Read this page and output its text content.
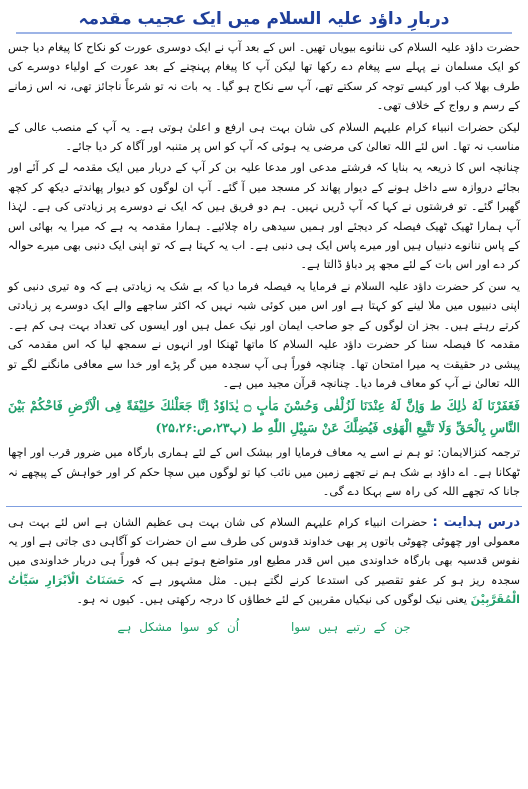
دربارِ داؤد علیہ السلام میں ایک عجیب مقدمہ

حضرت داؤد علیہ السلام کی ننانوے بیویاں تھیں۔ اس کے بعد آپ نے ایک دوسری عورت کو نکاح کا پیغام دیا جس کو ایک مسلمان نے پہلے سے پیغام دے رکھا تھا لیکن آپ کا پیغام پہنچنے کے بعد عورت کے اولیاء دوسرے کی طرف بھلا کب اور کیسے توجہ کر سکتے تھے، آپ سے نکاح ہو گیا۔ یہ بات نہ تو شرعاً ناجائز تھی، نہ اس زمانے کے رسم و رواج کے خلاف تھی۔

لیکن حضرات انبیاء کرام علیہم السلام کی شان بہت ہی ارفع و اعلیٰ ہوتی ہے۔ یہ آپ کے منصب عالی کے مناسب نہ تھا۔ اس لئے اللہ تعالیٰ کی مرضی یہ ہوئی کہ آپ کو اس پر متنبہ اور آگاہ کر دیا جائے۔

چنانچہ اس کا ذریعہ یہ بنایا کہ فرشتے مدعی اور مدعا علیہ بن کر آپ کے دربار میں ایک مقدمہ لے کر آئے اور بجائے دروازہ سے داخل ہونے کے دیوار پھاند کر مسجد میں آ گئے۔ آپ ان لوگوں کو دیوار پھاندتے دیکھ کر کچھ گھبرا گئے۔ تو فرشتوں نے کہا کہ آپ ڈریں نہیں۔ ہم دو فریق ہیں کہ ایک نے دوسرے پر زیادتی کی ہے۔ لہٰذا آپ ہمارا ٹھیک ٹھیک فیصلہ کر دیجئے اور ہمیں سیدھی راہ چلائیے۔ ہمارا مقدمہ یہ ہے کہ میرا یہ بھائی اس کے پاس ننانوے دنبیاں ہیں اور میرے پاس ایک ہی دنبی ہے۔ اب یہ کہتا ہے کہ تو اپنی ایک دنبی بھی میرے حوالہ کر دے اور اس بات کے لئے مجھ پر دباؤ ڈالتا ہے۔

یہ سن کر حضرت داؤد علیہ السلام نے فرمایا یہ فیصلہ فرما دیا کہ بے شک یہ زیادتی ہے کہ وہ تیری دنبی کو اپنی دنبیوں میں ملا لینے کو کہتا ہے اور اس میں کوئی شبہ نہیں کہ اکثر ساجھے والے ایک دوسرے پر زیادتی کرتے رہتے ہیں۔ بجز ان لوگوں کے جو صاحب ایمان اور نیک عمل ہیں اور ایسوں کی تعداد بہت ہی کم ہے۔ مقدمہ کا فیصلہ سنا کر حضرت داؤد علیہ السلام کا ماتھا ٹھنکا اور انہوں نے سمجھ لیا کہ اس مقدمہ کی پیشی در حقیقت یہ میرا امتحان تھا۔ چنانچہ فوراً ہی آپ سجدہ میں گر پڑے اور خدا سے معافی مانگنے لگے تو اللہ تعالیٰ نے آپ کو معاف فرما دیا۔ چنانچہ قرآن مجید میں ہے۔

فَغَفَرْنَا لَهُ ذٰلِكَ ط وَاِنَّ لَهُ عِنْدَنَا لَزُلْفٰى وَحُسْنَ مَاٰبٍ ۝ يٰدَاوٗدُ اِنَّا جَعَلْنٰكَ خَلِيْفَةً فِى الْاَرْضِ فَاحْكُمْ بَيْنَ النَّاسِ بِالْحَقِّ وَلَا تَتَّبِعِ الْهَوٰى فَيُضِلَّكَ عَنْ سَبِيْلِ اللّٰهِ ط (پ۲۳،ص:۲۵،۲۶)

ترجمہ کنزالایمان: تو ہم نے اسے یہ معاف فرمایا اور بیشک اس کے لئے ہماری بارگاہ میں ضرور قرب اور اچھا ٹھکانا ہے۔ اے داؤد بے شک ہم نے تجھے زمین میں نائب کیا تو لوگوں میں سچا حکم کر اور خواہش کے پیچھے نہ جانا کہ تجھے اللہ کی راہ سے بہکا دے گی۔

درس ہدایت : حضرات انبیاء کرام علیہم السلام کی شان بہت ہی عظیم الشان ہے اس لئے بہت ہی معمولی اور چھوٹی چھوٹی باتوں پر بھی خداوند قدوس کی طرف سے ان حضرات کو آگاہی دی جاتی ہے اور یہ نفوس قدسیہ بھی بارگاہ خداوندی میں اس قدر مطیع اور متواضع ہوتے ہیں کہ فوراً ہی دربار خداوندی میں سجدہ ریز ہو کر عفو تقصیر کی استدعا کرنے لگتے ہیں۔ مثل مشہور ہے کہ حَسَنَاتُ الْاَبْرَارِ سَيِّاٰتُ الْمُقَرَّبِيْنَ یعنی نیک لوگوں کی نیکیاں مقربین کے لئے خطاؤں کا درجہ رکھتی ہیں۔ کیوں نہ ہو۔

جن کے رتبے ہیں سوا اُن کو سوا مشکل ہے
